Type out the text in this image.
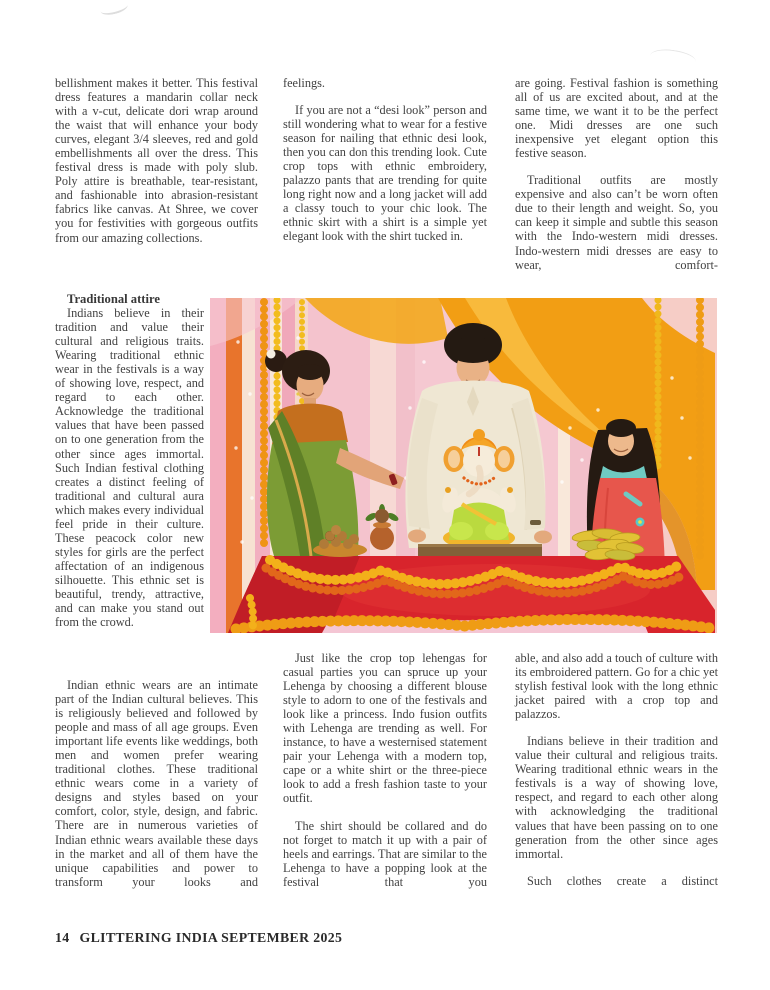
bellishment makes it better. This festival dress features a mandarin collar neck with a v-cut, delicate dori wrap around the waist that will enhance your body curves, elegant 3/4 sleeves, red and gold embellishments all over the dress. This festival dress is made with poly slub. Poly attire is breathable, tear-resistant, and fashionable into abrasion-resistant fabrics like canvas. At Shree, we cover you for festivities with gorgeous outfits from our amazing collections.

feelings.

If you are not a “desi look” person and still wondering what to wear for a festive season for nailing that ethnic desi look, then you can don this trending look. Cute crop tops with ethnic embroidery, palazzo pants that are trending for quite long right now and a long jacket will add a classy touch to your chic look. The ethnic skirt with a shirt is a simple yet elegant look with the shirt tucked in.

are going. Festival fashion is something all of us are excited about, and at the same time, we want it to be the perfect one. Midi dresses are one such inexpensive yet elegant option this festive season.

Traditional outfits are mostly expensive and also can’t be worn often due to their length and weight. So, you can keep it simple and subtle this season with the Indo-western midi dresses. Indo-western midi dresses are easy to wear, comfort-

Traditional attire

Indians believe in their tradition and value their cultural and religious traits. Wearing traditional ethnic wear in the festivals is a way of showing love, respect, and regard to each other. Acknowledge the traditional values that have been passed on to one generation from the other since ages immortal. Such Indian festival clothing creates a distinct feeling of traditional and cultural aura which makes every individual feel pride in their culture. These peacock color new styles for girls are the perfect affectation of an indigenous silhouette. This ethnic set is beautiful, trendy, attractive, and can make you stand out from the crowd.

Indian ethnic wears are an intimate part of the Indian cultural believes. This is religiously believed and followed by people and mass of all age groups. Even important life events like weddings, both men and women prefer wearing traditional clothes. These traditional ethnic wears come in a variety of designs and styles based on your comfort, color, style, design, and fabric. There are in numerous varieties of Indian ethnic wears available these days in the market and all of them have the unique capabilities and power to transform your looks and

Just like the crop top lehengas for casual parties you can spruce up your Lehenga by choosing a different blouse style to adorn to one of the festivals and look like a princess. Indo fusion outfits with Lehenga are trending as well. For instance, to have a westernised statement pair your Lehenga with a modern top, cape or a white shirt or the three-piece look to add a fresh fashion taste to your outfit.

The shirt should be collared and do not forget to match it up with a pair of heels and earrings. That are similar to the Lehenga to have a popping look at the festival that you

able, and also add a touch of culture with its embroidered pattern. Go for a chic yet stylish festival look with the long ethnic jacket paired with a crop top and palazzos.

Indians believe in their tradition and value their cultural and religious traits. Wearing traditional ethnic wears in the festivals is a way of showing love, respect, and regard to each other along with acknowledging the traditional values that have been passing on to one generation from the other since ages immortal.

Such clothes create a distinct

14 GLITTERING INDIA SEPTEMBER 2025
